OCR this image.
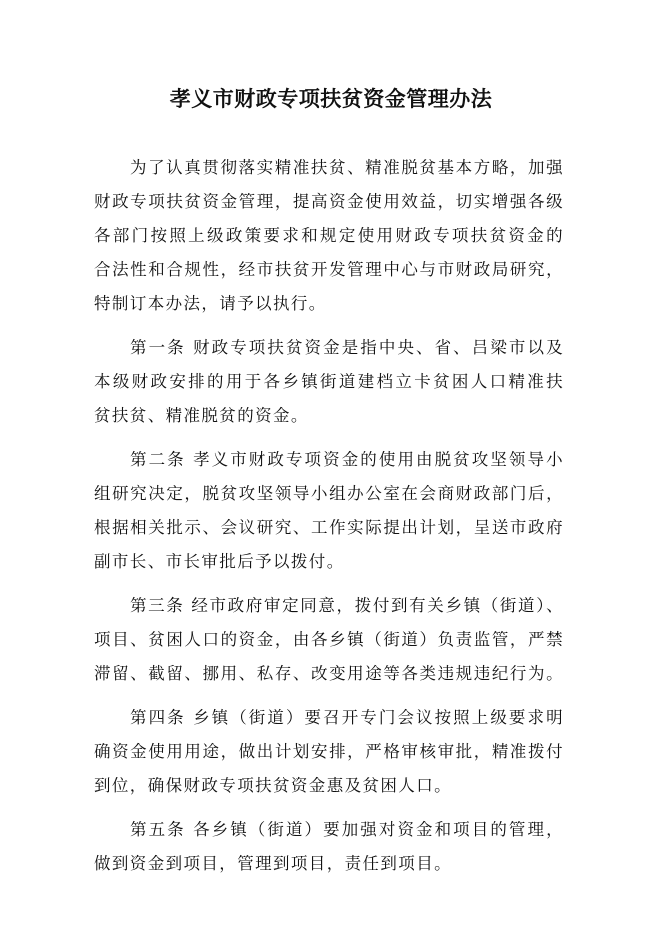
孝义市财政专项扶贫资金管理办法
为了认真贯彻落实精准扶贫、精准脱贫基本方略，加强
财政专项扶贫资金管理，提高资金使用效益，切实增强各级
各部门按照上级政策要求和规定使用财政专项扶贫资金的
合法性和合规性，经市扶贫开发管理中心与市财政局研究，
特制订本办法，请予以执行。
第一条 财政专项扶贫资金是指中央、省、吕梁市以及
本级财政安排的用于各乡镇街道建档立卡贫困人口精准扶
贫扶贫、精准脱贫的资金。
第二条 孝义市财政专项资金的使用由脱贫攻坚领导小
组研究决定，脱贫攻坚领导小组办公室在会商财政部门后，
根据相关批示、会议研究、工作实际提出计划，呈送市政府
副市长、市长审批后予以拨付。
第三条 经市政府审定同意，拨付到有关乡镇（街道）、
项目、贫困人口的资金，由各乡镇（街道）负责监管，严禁
滞留、截留、挪用、私存、改变用途等各类违规违纪行为。
第四条 乡镇（街道）要召开专门会议按照上级要求明
确资金使用用途，做出计划安排，严格审核审批，精准拨付
到位，确保财政专项扶贫资金惠及贫困人口。
第五条 各乡镇（街道）要加强对资金和项目的管理，
做到资金到项目，管理到项目，责任到项目。
